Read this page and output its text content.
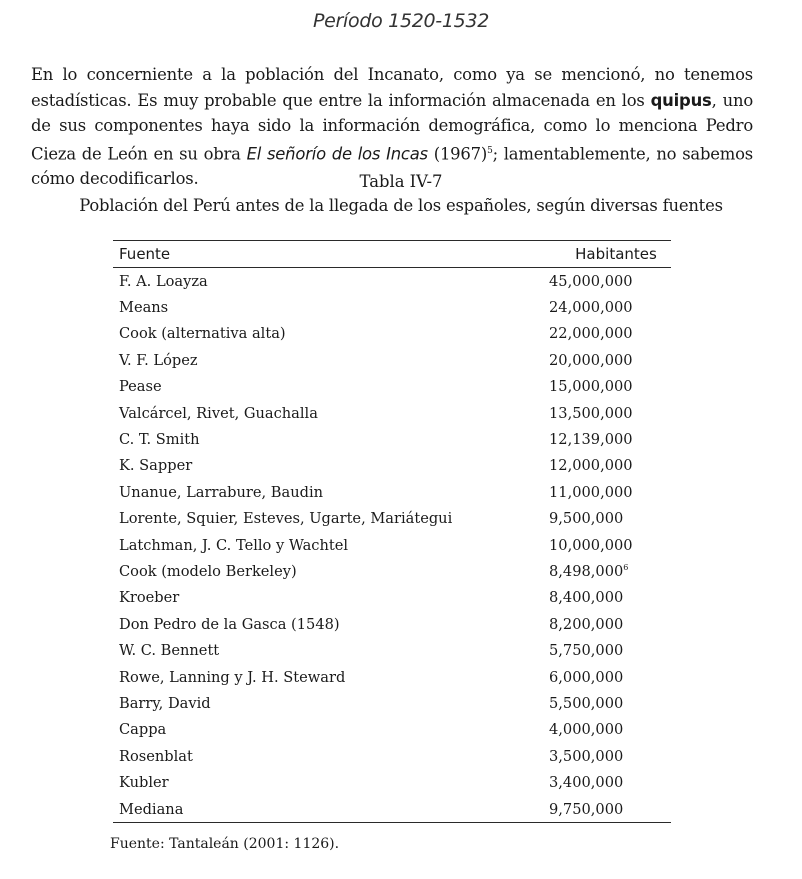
Período 1520-1532

En lo concerniente a la población del Incanato, como ya se mencionó, no tenemos estadísticas. Es muy probable que entre la información almacenada en los quipus, uno de sus componentes haya sido la información demográfica, como lo menciona Pedro Cieza de León en su obra El señorío de los Incas $(1967)^5$; lamentablemente, no sabemos cómo decodificarlos.	Tabla IV-7
Población del Perú antes de la llegada de los españoles, según diversas fuentes
Fuente	Habitantes
F. A. Loayza	45,000,000
Means	24,000,000
Cook (alternativa alta)	22,000,000
V. F. López	20,000,000
Pease	15,000,000
Valcárcel, Rivet, Guachalla	13,500,000
C. T. Smith	12,139,000
K. Sapper	12,000,000
Unanue, Larrabure, Baudin	11,000,000
Lorente, Squier, Esteves, Ugarte, Mariátegui	9,500,000
Latchman, J. C. Tello y Wachtel	10,000,000
Cook (modelo Berkeley)	8,498,000$^6$
Kroeber	8,400,000
Don Pedro de la Gasca (1548)	8,200,000
W. C. Bennett	5,750,000
Rowe, Lanning y J. H. Steward	6,000,000
Barry, David	5,500,000
Cappa	4,000,000
Rosenblat	3,500,000
Kubler	3,400,000
Mediana	9,750,000
Fuente: Tantaleán (2001: 1126).
